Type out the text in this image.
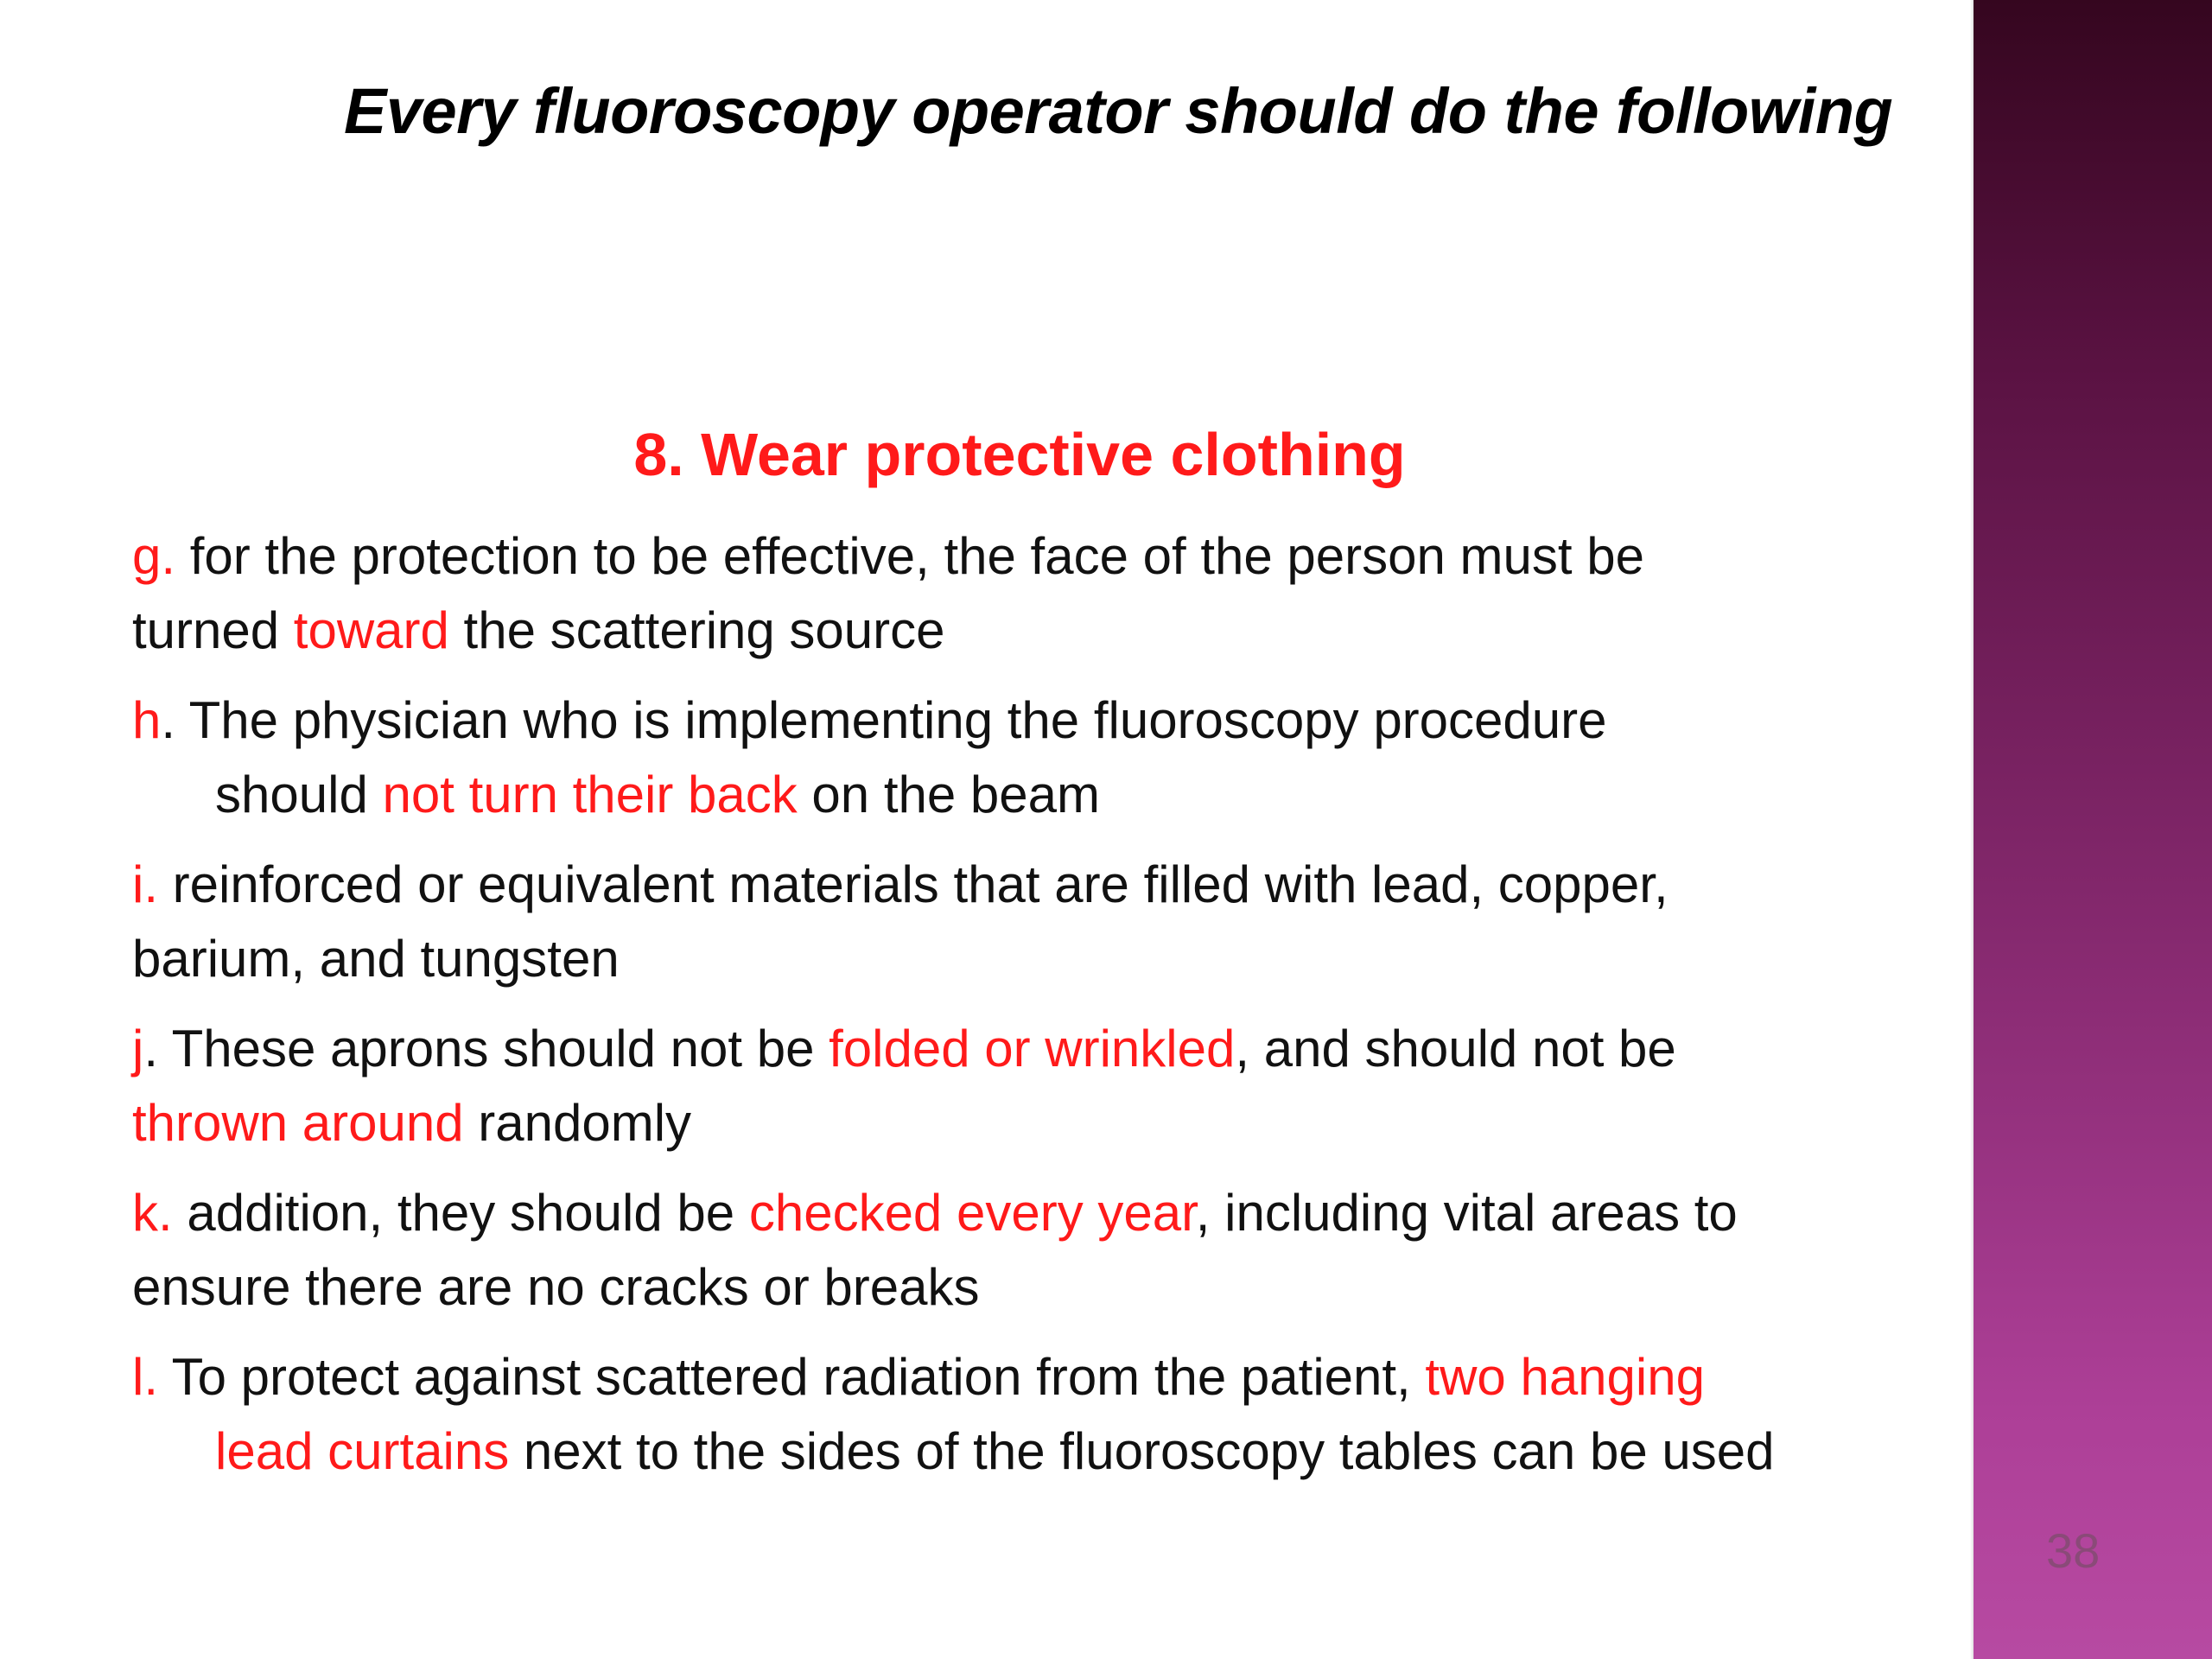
Every fluoroscopy operator should do the following
8. Wear protective clothing

g. for the protection to be effective, the face of the person must be
turned toward the scattering source

h. The physician who is implementing the fluoroscopy procedure
should not turn their back on the beam

i. reinforced or equivalent materials that are filled with lead, copper,
barium, and tungsten

j. These aprons should not be folded or wrinkled, and should not be
thrown around randomly

k. addition, they should be checked every year, including vital areas to
ensure there are no cracks or breaks

l. To protect against scattered radiation from the patient, two hanging
lead curtains next to the sides of the fluoroscopy tables can be used

38
